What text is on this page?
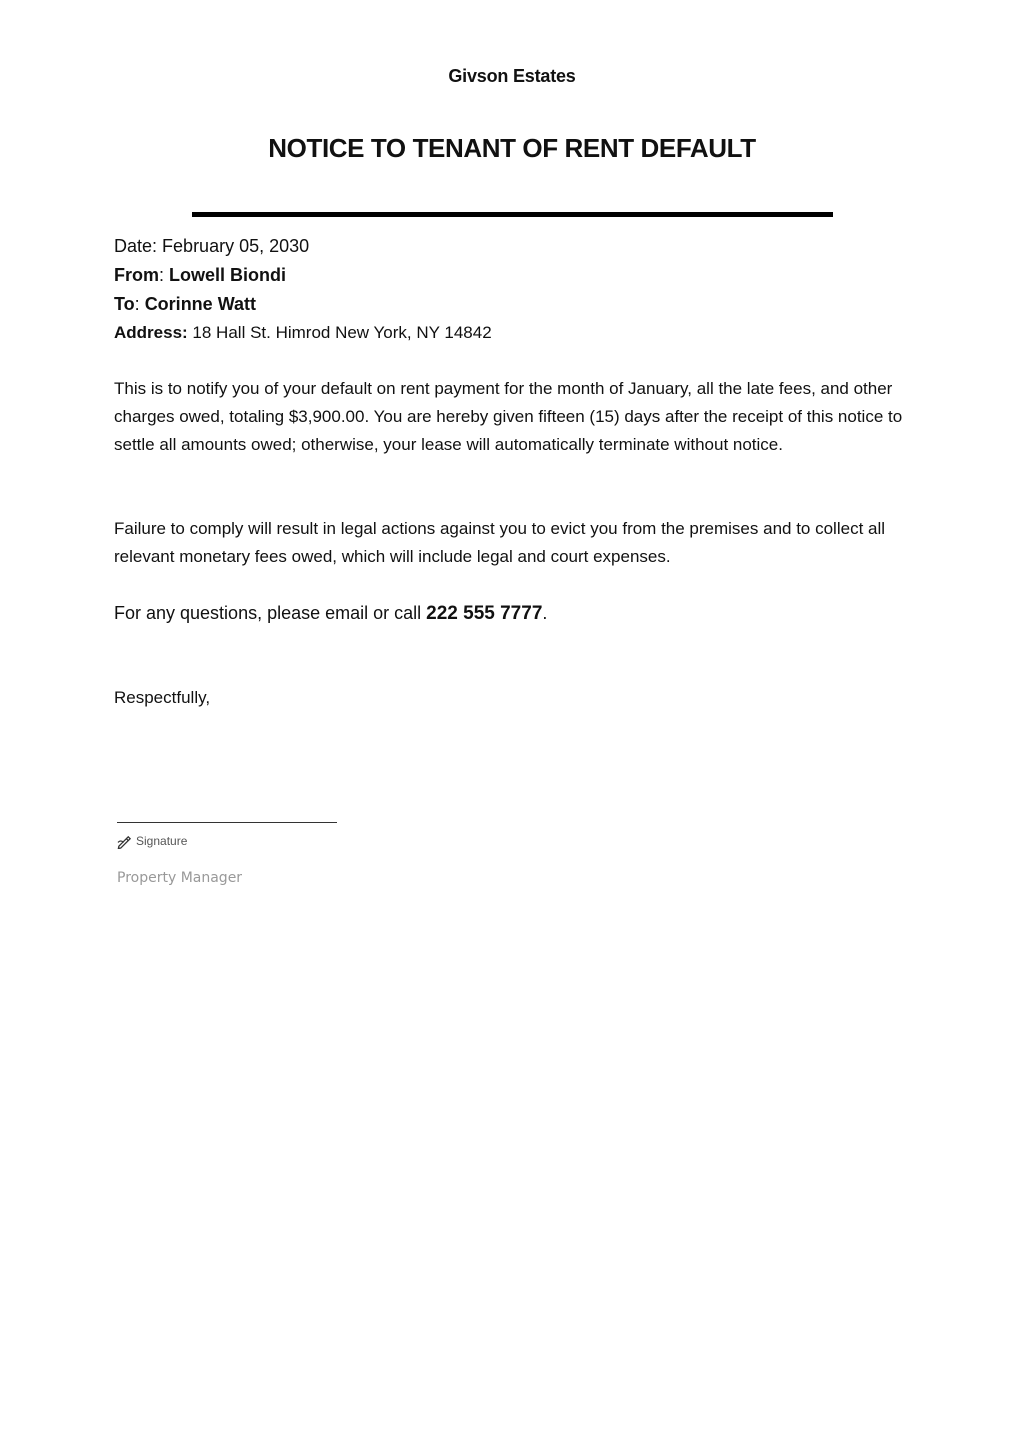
Givson Estates
NOTICE TO TENANT OF RENT DEFAULT
Date: February 05, 2030
From: Lowell Biondi
To: Corinne Watt
Address: 18 Hall St. Himrod New York, NY 14842

This is to notify you of your default on rent payment for the month of January, all the late fees, and other charges owed, totaling $3,900.00. You are hereby given fifteen (15) days after the receipt of this notice to settle all amounts owed; otherwise, your lease will automatically terminate without notice.

Failure to comply will result in legal actions against you to evict you from the premises and to collect all relevant monetary fees owed, which will include legal and court expenses.

For any questions, please email or call 222 555 7777.
Respectfully,
Signature
Property Manager
